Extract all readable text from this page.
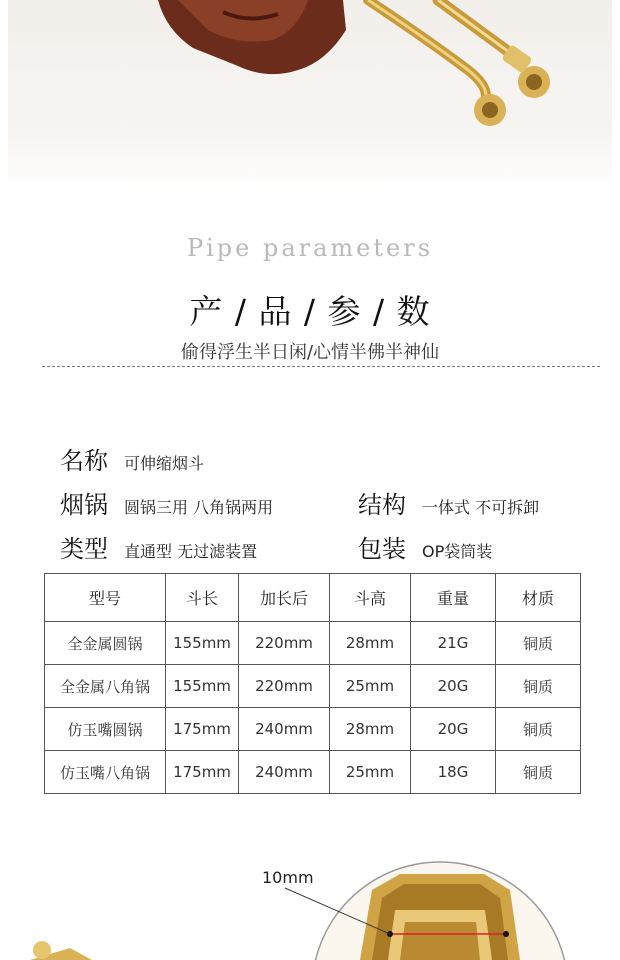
Pipe parameters
产 / 品 / 参 / 数
偷得浮生半日闲/心情半佛半神仙
名称 可伸缩烟斗
烟锅 圆锅三用 八角锅两用	结构 一体式 不可拆卸
类型 直通型 无过滤装置	包装 OP袋筒装
型号	斗长	加长后	斗高	重量	材质
全金属圆锅	155mm	220mm	28mm	21G	铜质
全金属八角锅	155mm	220mm	25mm	20G	铜质
仿玉嘴圆锅	175mm	240mm	28mm	20G	铜质
仿玉嘴八角锅	175mm	240mm	25mm	18G	铜质
10mm
